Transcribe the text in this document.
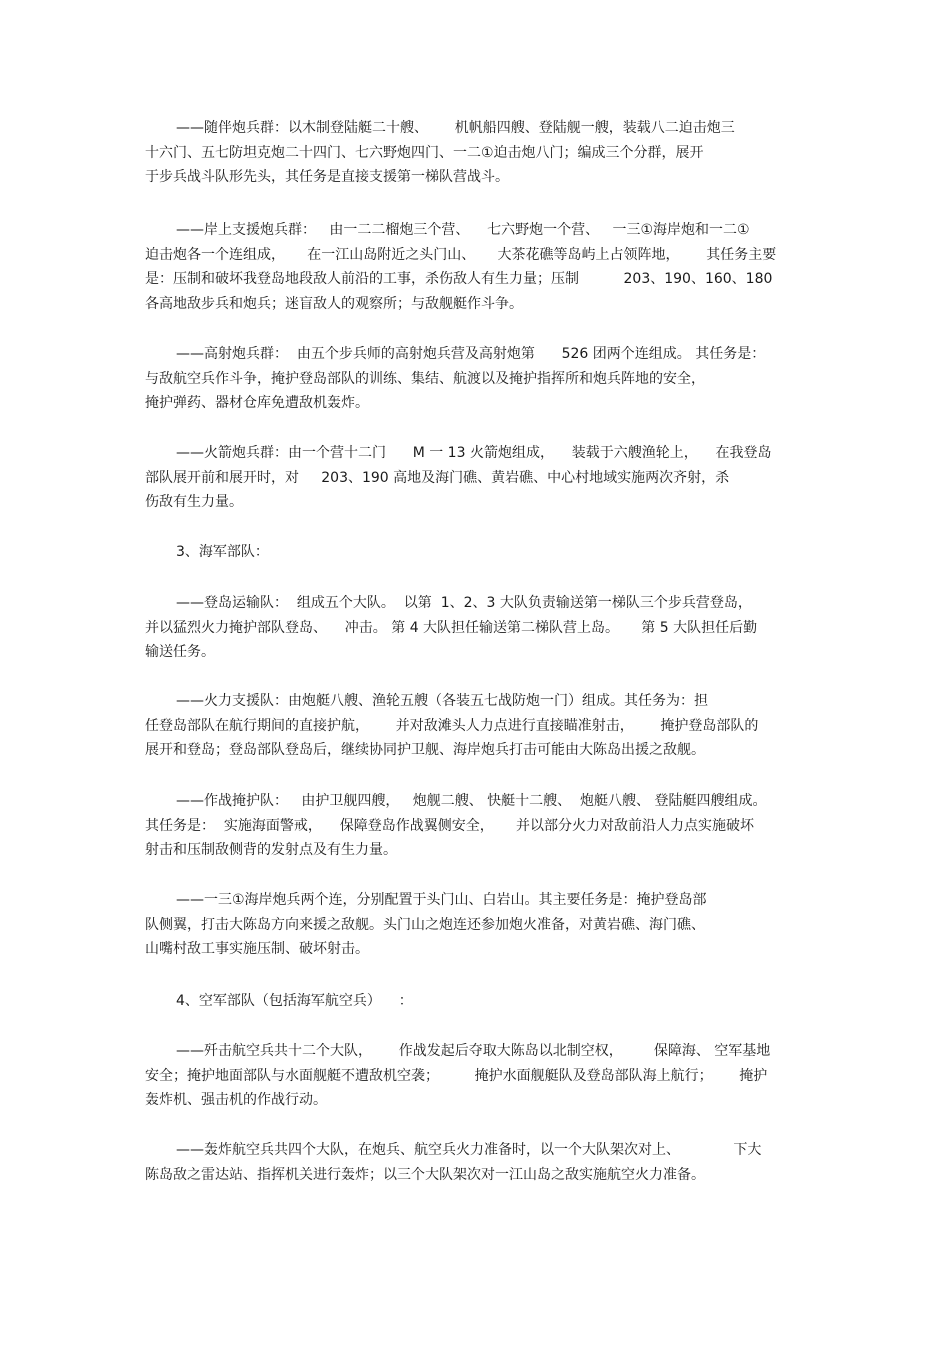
——随伴炮兵群：以木制登陆艇二十艘、      机帆船四艘、登陆舰一艘，装载八二迫击炮三
十六门、五七防坦克炮二十四门、七六野炮四门、一二①迫击炮八门；编成三个分群，展开
于步兵战斗队形先头，其任务是直接支援第一梯队营战斗。
——岸上支援炮兵群：   由一二二榴炮三个营、    七六野炮一个营、   一三①海岸炮和一二①
迫击炮各一个连组成，     在一江山岛附近之头门山、     大茶花礁等岛屿上占领阵地，      其任务主要
是：压制和破坏我登岛地段敌人前沿的工事，杀伤敌人有生力量；压制          203、190、160、180
各高地敌步兵和炮兵；迷盲敌人的观察所；与敌舰艇作斗争。
——高射炮兵群：  由五个步兵师的高射炮兵营及高射炮第      526 团两个连组成。 其任务是：
与敌航空兵作斗争，掩护登岛部队的训练、集结、航渡以及掩护指挥所和炮兵阵地的安全，
掩护弹药、器材仓库免遭敌机轰炸。
——火箭炮兵群：由一个营十二门      M 一 13 火箭炮组成，    装载于六艘渔轮上，    在我登岛
部队展开前和展开时，对     203、190 高地及海门礁、黄岩礁、中心村地域实施两次齐射，杀
伤敌有生力量。
3、海军部队：
——登岛运输队：  组成五个大队。  以第  1、2、3 大队负责输送第一梯队三个步兵营登岛，
并以猛烈火力掩护部队登岛、    冲击。 第 4 大队担任输送第二梯队营上岛。     第 5 大队担任后勤
输送任务。
——火力支援队：由炮艇八艘、渔轮五艘（各装五七战防炮一门）组成。其任务为：担
任登岛部队在航行期间的直接护航，      并对敌滩头人力点进行直接瞄准射击，      掩护登岛部队的
展开和登岛；登岛部队登岛后，继续协同护卫舰、海岸炮兵打击可能由大陈岛出援之敌舰。
——作战掩护队：   由护卫舰四艘，   炮舰二艘、 快艇十二艘、  炮艇八艘、 登陆艇四艘组成。
其任务是：  实施海面警戒，    保障登岛作战翼侧安全，     并以部分火力对敌前沿人力点实施破坏
射击和压制敌侧背的发射点及有生力量。
——一三①海岸炮兵两个连，分别配置于头门山、白岩山。其主要任务是：掩护登岛部
队侧翼，打击大陈岛方向来援之敌舰。头门山之炮连还参加炮火准备，对黄岩礁、海门礁、
山嘴村敌工事实施压制、破坏射击。
4、空军部队（包括海军航空兵）    ：
——歼击航空兵共十二个大队，      作战发起后夺取大陈岛以北制空权，       保障海、 空军基地
安全；掩护地面部队与水面舰艇不遭敌机空袭；        掩护水面舰艇队及登岛部队海上航行；      掩护
轰炸机、强击机的作战行动。
——轰炸航空兵共四个大队，在炮兵、航空兵火力准备时，以一个大队架次对上、            下大
陈岛敌之雷达站、指挥机关进行轰炸；以三个大队架次对一江山岛之敌实施航空火力准备。
